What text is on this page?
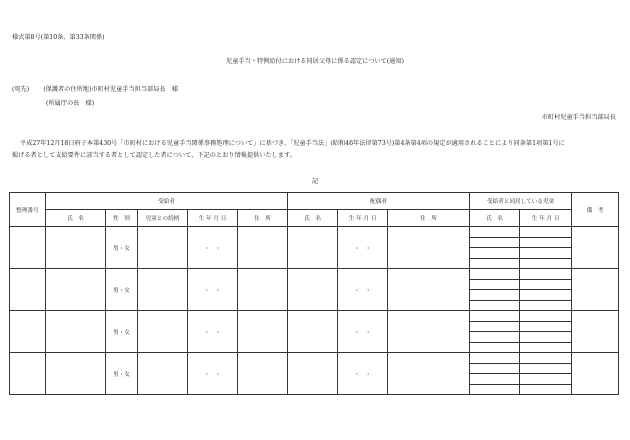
様式第8号(第10条、第33条関係)
児童手当・特例給付における同居父母に係る認定について(通知)
(宛先) (保護者の住所地)市町村児童手当担当部局長　様
(所属庁の長　様)
市町村児童手当担当部局長
平成27年12月18日府子本第430号「市町村における児童手当関係事務処理について」に基づき、「児童手当法」(昭和46年法律第73号)第4条第4項の規定が適用されることにより同条第1項第1号に
掲げる者として支給要件に該当する者として認定した者について、下記のとおり情報提供いたします。
記
整理番号	受給者					配偶者			受給者と同居している児童		備　考
	氏　名	性　別	児童との続柄	生 年 月 日	住　所	氏　名	生 年 月 日	住　所	氏　名	生 年 月 日	
		男・女		・　・			・　・				

		男・女		・　・			・　・				

		男・女		・　・			・　・				

		男・女		・　・			・　・				
